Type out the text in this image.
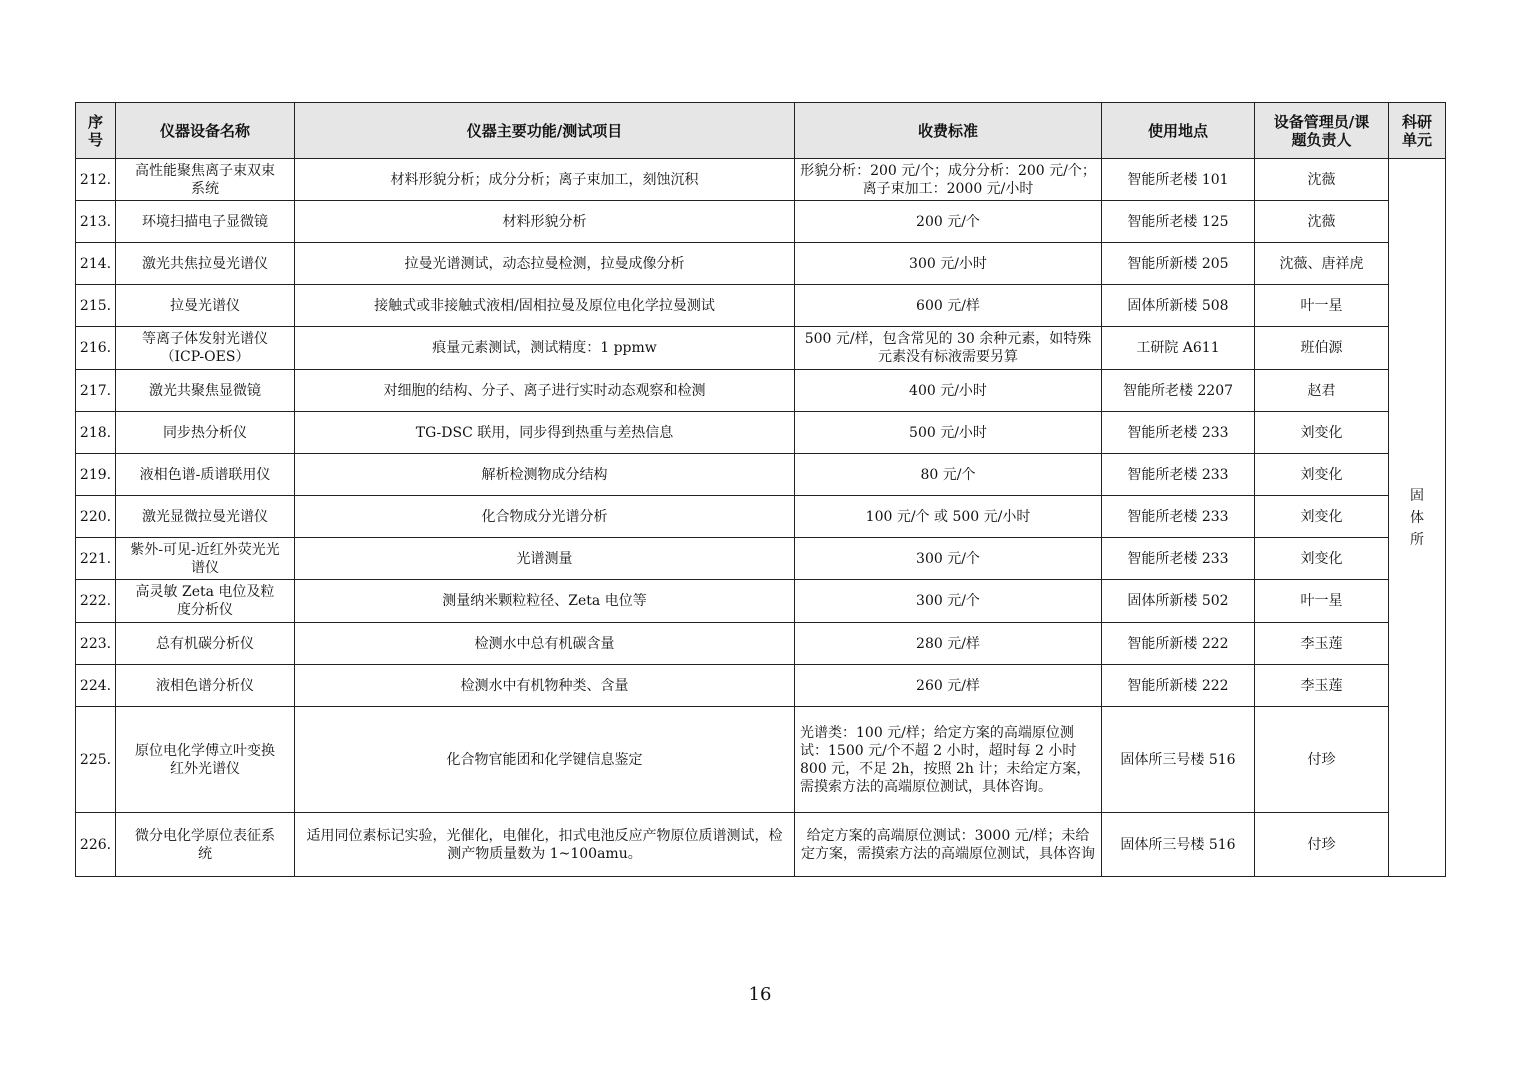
序号	仪器设备名称	仪器主要功能/测试项目	收费标准	使用地点	设备管理员/课题负责人	科研单元
212.	高性能聚焦离子束双束系统	材料形貌分析；成分分析；离子束加工，刻蚀沉积	形貌分析：200 元/个；成分分析：200 元/个；离子束加工：2000 元/小时	智能所老楼 101	沈薇	固体所
213.	环境扫描电子显微镜	材料形貌分析	200 元/个	智能所老楼 125	沈薇	
214.	激光共焦拉曼光谱仪	拉曼光谱测试，动态拉曼检测，拉曼成像分析	300 元/小时	智能所新楼 205	沈薇、唐祥虎	
215.	拉曼光谱仪	接触式或非接触式液相/固相拉曼及原位电化学拉曼测试	600 元/样	固体所新楼 508	叶一星	
216.	等离子体发射光谱仪（ICP-OES）	痕量元素测试，测试精度：1 ppmw	500 元/样，包含常见的 30 余种元素，如特殊元素没有标液需要另算	工研院 A611	班伯源	
217.	激光共聚焦显微镜	对细胞的结构、分子、离子进行实时动态观察和检测	400 元/小时	智能所老楼 2207	赵君	
218.	同步热分析仪	TG-DSC 联用，同步得到热重与差热信息	500 元/小时	智能所老楼 233	刘变化	
219.	液相色谱-质谱联用仪	解析检测物成分结构	80 元/个	智能所老楼 233	刘变化	
220.	激光显微拉曼光谱仪	化合物成分光谱分析	100 元/个 或 500 元/小时	智能所老楼 233	刘变化	
221.	紫外-可见-近红外荧光光谱仪	光谱测量	300 元/个	智能所老楼 233	刘变化	
222.	高灵敏 Zeta 电位及粒度分析仪	测量纳米颗粒粒径、Zeta 电位等	300 元/个	固体所新楼 502	叶一星	
223.	总有机碳分析仪	检测水中总有机碳含量	280 元/样	智能所新楼 222	李玉莲	
224.	液相色谱分析仪	检测水中有机物种类、含量	260 元/样	智能所新楼 222	李玉莲	
225.	原位电化学傅立叶变换红外光谱仪	化合物官能团和化学键信息鉴定	光谱类：100 元/样；给定方案的高端原位测试：1500 元/个不超 2 小时，超时每 2 小时 800 元，不足 2h，按照 2h 计；未给定方案，需摸索方法的高端原位测试，具体咨询。	固体所三号楼 516	付珍	
226.	微分电化学原位表征系统	适用同位素标记实验，光催化，电催化，扣式电池反应产物原位质谱测试，检测产物质量数为 1~100amu。	给定方案的高端原位测试：3000 元/样；未给定方案，需摸索方法的高端原位测试，具体咨询	固体所三号楼 516	付珍	
16
